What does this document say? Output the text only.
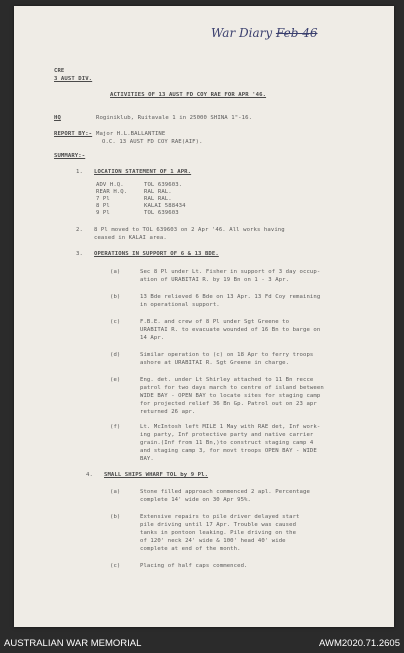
War Diary Feb 46
CRE
3 AUST DIV.
ACTIVITIES OF 13 AUST FD COY RAE FOR APR '46.
HQ	Roginiklub, Ruitavale 1 in 25000 SHINA 1"-16.
REPORT BY:- Major H.L.BALLANTINE
O.C. 13 AUST FD COY RAE(AIF).
SUMMARY:-
1. LOCATION STATEMENT OF 1 APR.
ADV H.Q.	TOL 639603.
REAR H.Q.	RAL RAL.
7 Pl	RAL RAL.
8 Pl	KALAI 588434
9 Pl	TOL 639603
2. 8 Pl moved to TOL 639603 on 2 Apr '46. All works having
ceased in KALAI area.
3. OPERATIONS IN SUPPORT OF 6 & 13 BDE.
(a)	Sec 8 Pl under Lt. Fisher in support of 3 day occup-
ation of URABITAI R. by 19 Bn on 1 - 3 Apr.
(b)	13 Bde relieved 6 Bde on 13 Apr. 13 Fd Coy remaining
in operational support.
(c)	F.B.E. and crew of 8 Pl under Sgt Greene to
URABITAI R. to evacuate wounded of 16 Bn to barge on
14 Apr.
(d)	Similar operation to (c) on 18 Apr to ferry troops
ashore at URABITAI R. Sgt Greene in charge.
(e)	Eng. det. under Lt Shirley attached to 11 Bn recce
patrol for two days march to centre of island between
WIDE BAY - OPEN BAY to locate sites for staging camp
for projected relief 36 Bn Gp. Patrol out on 23 apr
returned 26 apr.
(f)	Lt. McIntosh left MILE 1 May with RAE det, Inf work-
ing party, Inf protective party and native carrier
grain.(Inf from 11 Bn,)to construct staging camp 4
and staging camp 3, for movt troops OPEN BAY - WIDE
BAY.
4. SMALL SHIPS WHARF TOL by 9 Pl.
(a)	Stone filled approach commenced 2 apl. Percentage
complete 14' wide on 30 Apr 95%.
(b)	Extensive repairs to pile driver delayed start
pile driving until 17 Apr. Trouble was caused
tanks in pontoon leaking. Pile driving on the
of 120' neck 24' wide & 100' head 40' wide
complete at end of the month.
(c)	Placing of half caps commenced.
AUSTRALIAN WAR MEMORIAL	AWM2020.71.2605
